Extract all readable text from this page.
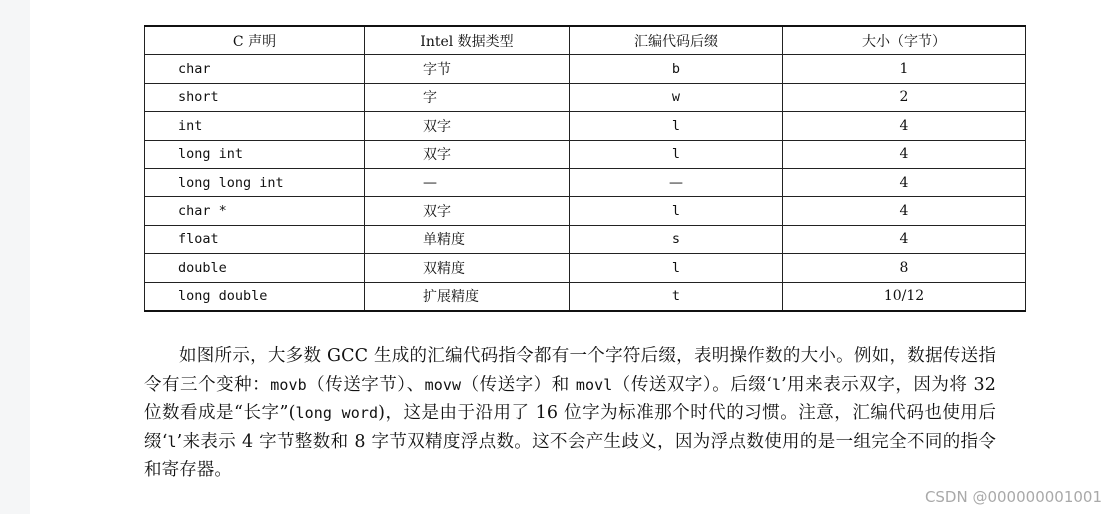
C 声明	Intel 数据类型	汇编代码后缀	大小（字节）
char	字节	b	1
short	字	w	2
int	双字	l	4
long int	双字	l	4
long long int	—	—	4
char *	双字	l	4
float	单精度	s	4
double	双精度	l	8
long double	扩展精度	t	10/12
如图所示，大多数 GCC 生成的汇编代码指令都有一个字符后缀，表明操作数的大小。例如，数据传送指令有三个变种：movb（传送字节）、movw（传送字）和 movl（传送双字）。后缀‘l’用来表示双字，因为将 32 位数看成是“长字”(long word)，这是由于沿用了 16 位字为标准那个时代的习惯。注意，汇编代码也使用后缀‘l’来表示 4 字节整数和 8 字节双精度浮点数。这不会产生歧义，因为浮点数使用的是一组完全不同的指令和寄存器。
CSDN @000000001001
